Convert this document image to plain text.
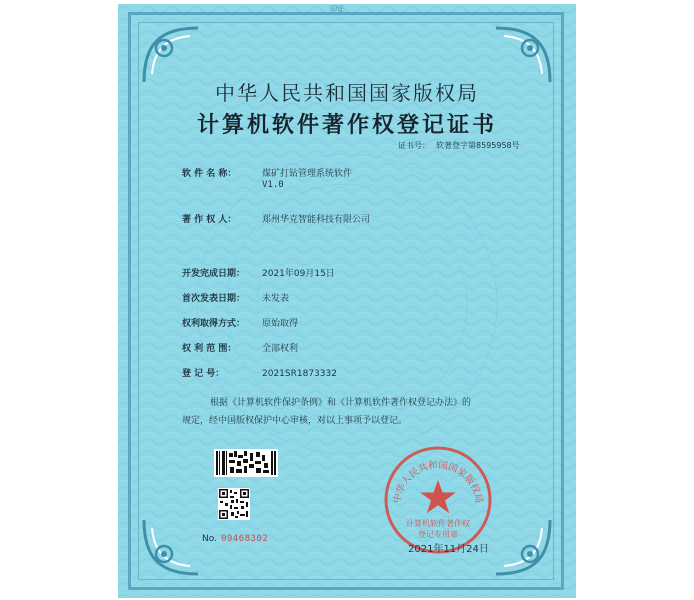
印证
中华人民共和国国家版权局
计算机软件著作权登记证书
证书号： 软著登字第8595958号
软 件 名 称：	煤矿打钻管理系统软件
V1.0
著 作 权 人：	郑州华克智能科技有限公司
开发完成日期： 2021年09月15日
首次发表日期： 未发表
权利取得方式： 原始取得
权 利 范 围：	全部权利
登 记 号：	2021SR1873332

根据《计算机软件保护条例》和《计算机软件著作权登记办法》的

规定，经中国版权保护中心审核，对以上事项予以登记。

No. 09468302
中华人民共和国国家版权局
计算机软件著作权
登记专用章
2021年11月24日
